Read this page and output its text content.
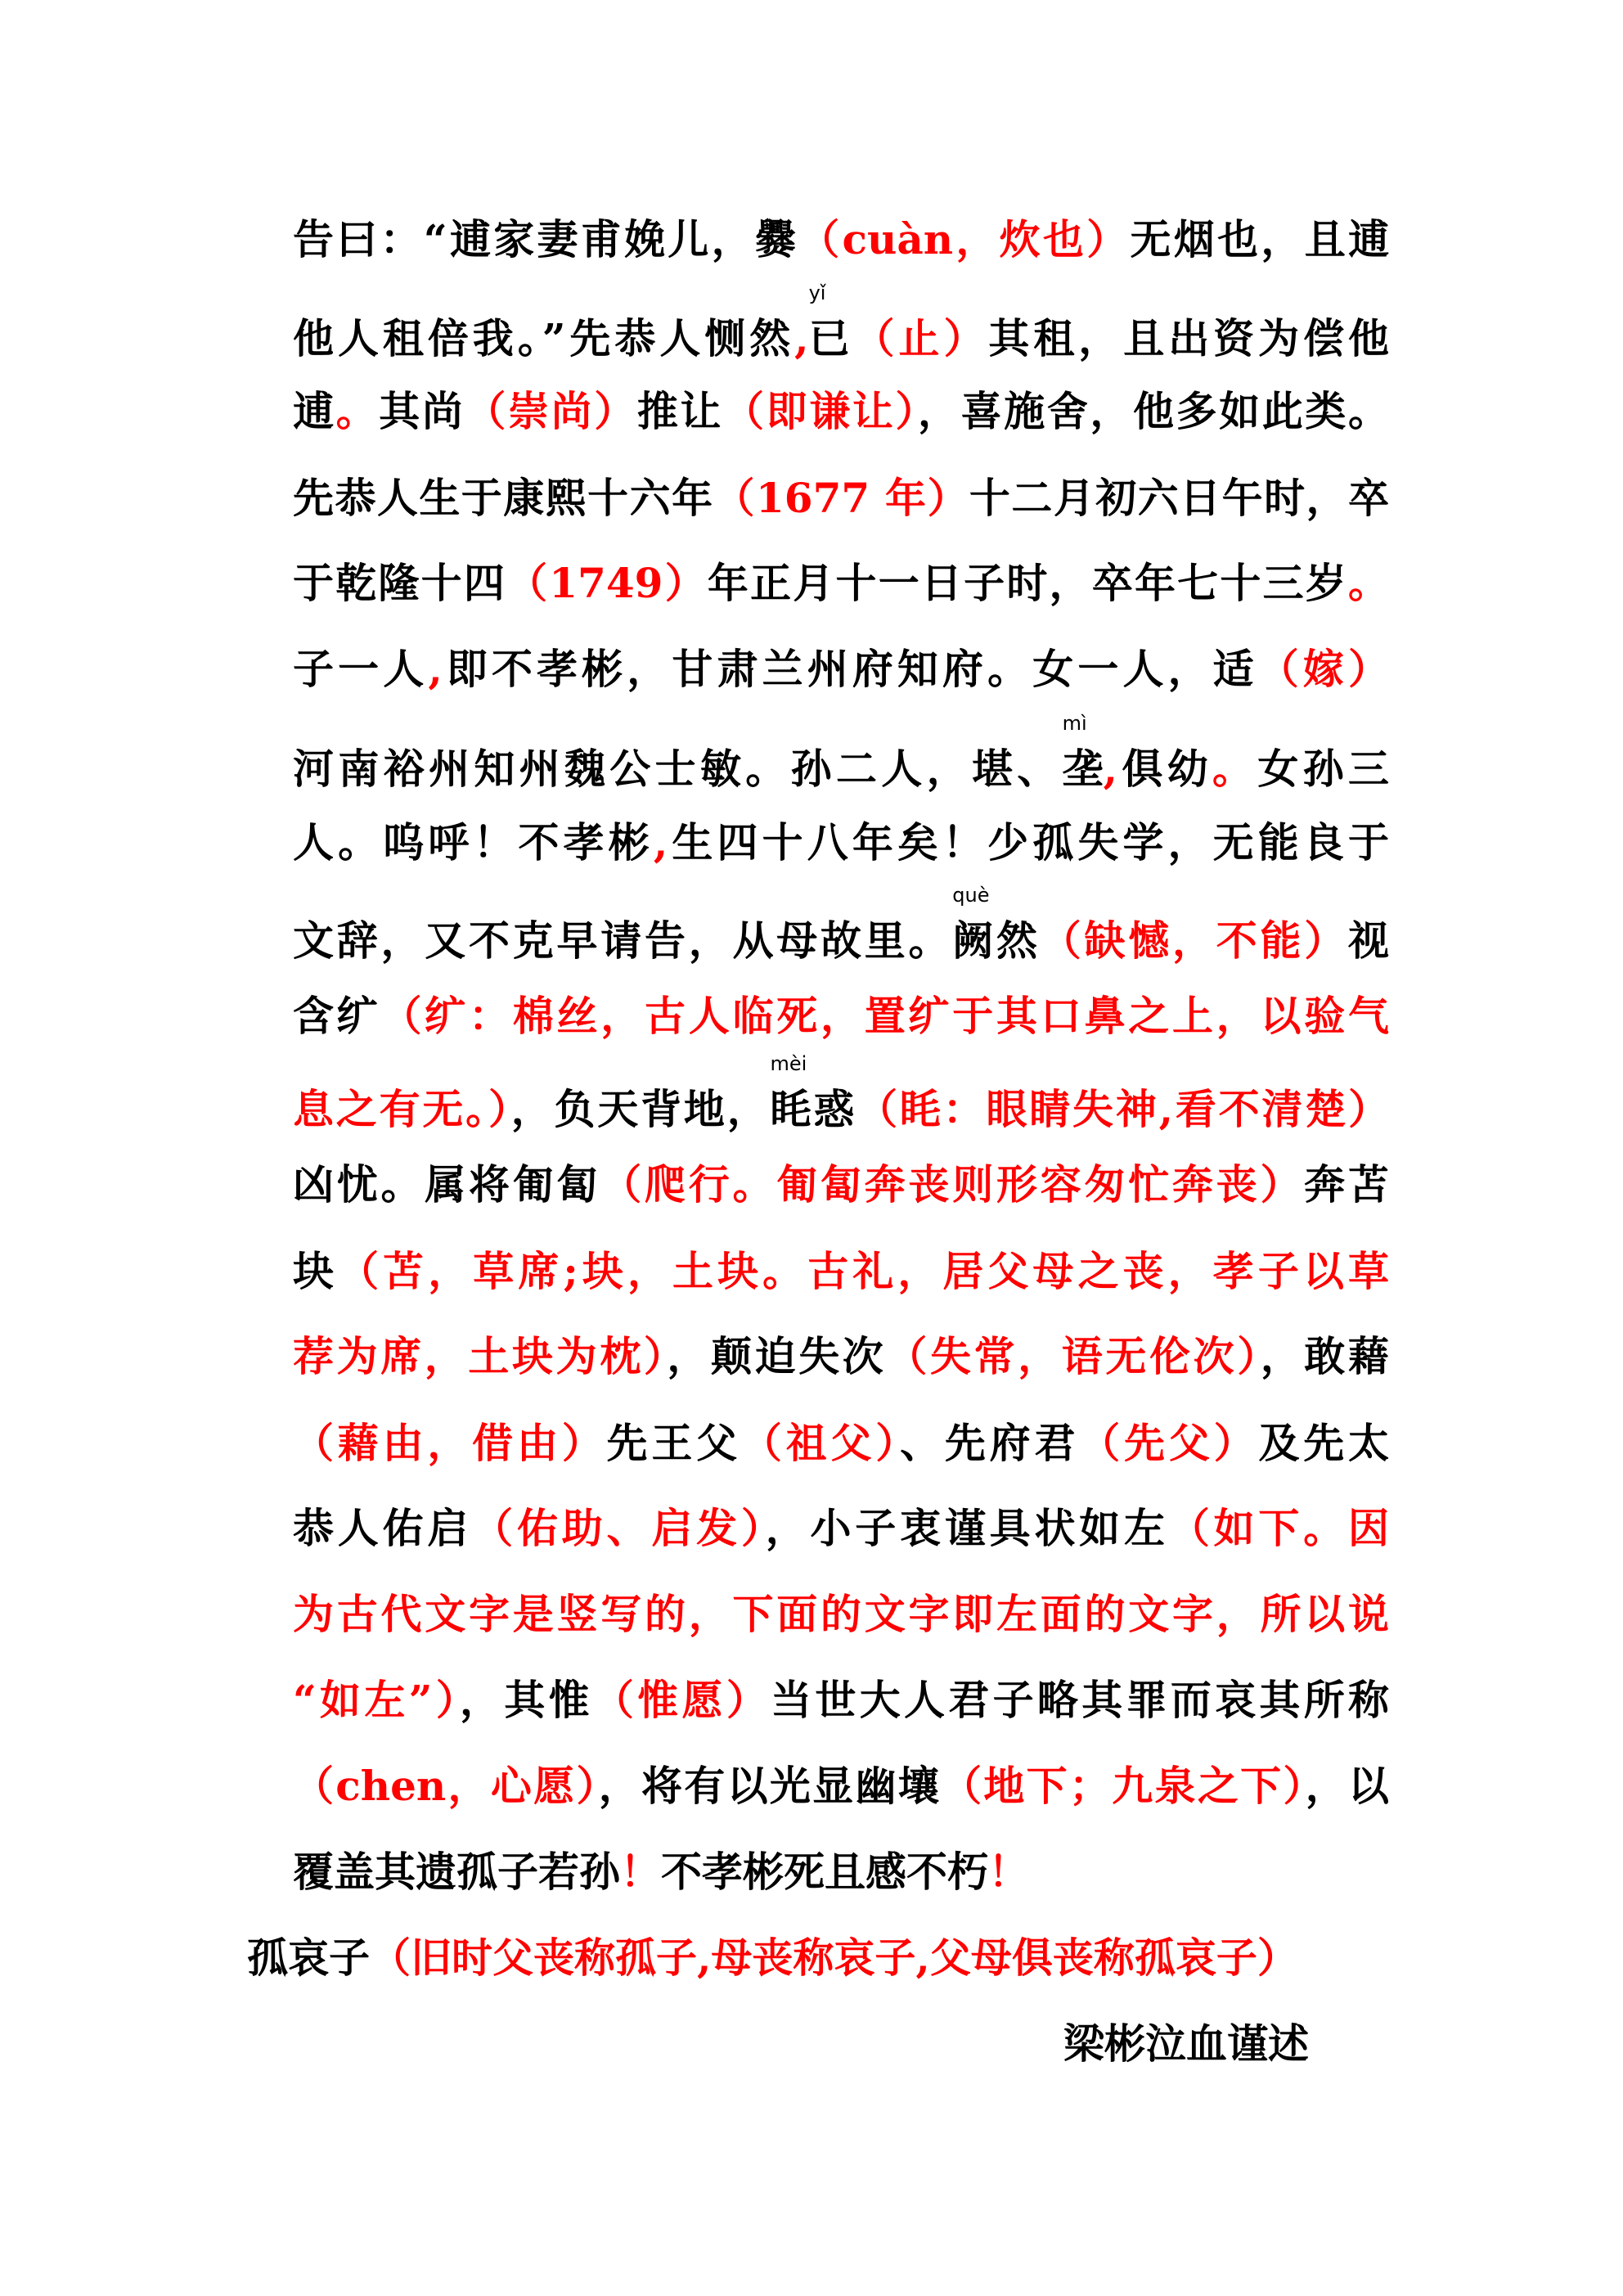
告曰：“逋家妻甫娩儿，爨（cuàn，炊也）无烟也，且逋
他人租倍我。”先恭人恻然,
yǐ
已（止）其租，且出资为偿他
逋。其尚（崇尚）推让（即谦让），喜施舍，他多如此类。
先恭人生于康熙十六年（1677 年）十二月初六日午时，卒
于乾隆十四（1749）年正月十一日子时，卒年七十三岁。
子一人,即不孝彬，甘肃兰州府知府。女一人，适（嫁）
河南裕州知州魏公士敏。孙二人，堪、
mì
垄,俱幼。女孙三
人。呜呼！不孝彬,生四十八年矣！少孤失学，无能良于
文辞，又不克早请告，从母故里。
què
阙然（缺憾，不能）视
含纩（纩：棉丝，古人临死，置纩于其口鼻之上，以验气
息之有无。），负天背地，
mèi
眊惑（眊：眼睛失神,看不清楚）
凶忧。属将匍匐（爬行。匍匐奔丧则形容匆忙奔丧）奔苫
块（苫，草席;块，土块。古礼，居父母之丧，孝子以草
荐为席，土块为枕），颠迫失次（失常，语无伦次），敢藉
（藉由，借由）先王父（祖父）、先府君（先父）及先太
恭人佑启（佑助、启发），小子衷谨具状如左（如下。因
为古代文字是竖写的，下面的文字即左面的文字，所以说
“如左”），其惟（惟愿）当世大人君子略其罪而哀其所称
（chen，心愿），将有以光显幽壤（地下；九泉之下），以
覆盖其遗孤子若孙！不孝彬死且感不朽！
孤哀子（旧时父丧称孤子,母丧称哀子,父母俱丧称孤哀子）
梁彬泣血谨述
